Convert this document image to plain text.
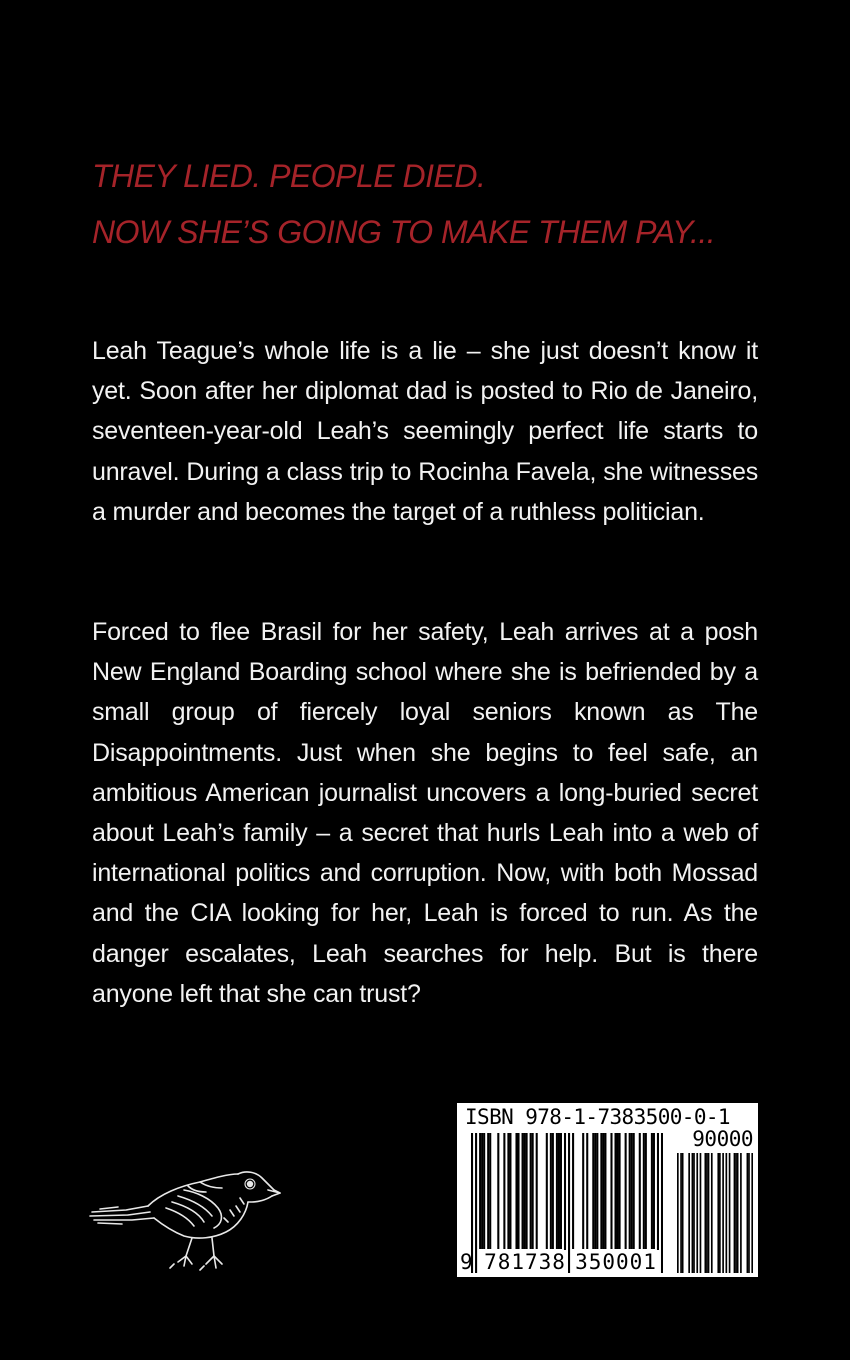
THEY LIED. PEOPLE DIED.
NOW SHE’S GOING TO MAKE THEM PAY...
Leah Teague’s whole life is a lie – she just doesn’t know it yet. Soon after her diplomat dad is posted to Rio de Janeiro, seventeen-year-old Leah’s seemingly perfect life starts to unravel. During a class trip to Rocinha Favela, she witnesses a murder and becomes the target of a ruthless politician.
Forced to flee Brasil for her safety, Leah arrives at a posh New England Boarding school where she is befriended by a small group of fiercely loyal seniors known as The Disappointments. Just when she begins to feel safe, an ambitious American journalist uncovers a long-buried secret about Leah’s family – a secret that hurls Leah into a web of international politics and corruption. Now, with both Mossad and the CIA looking for her, Leah is forced to run. As the danger escalates, Leah searches for help. But is there anyone left that she can trust?
ISBN 978-1-7383500-0-1
90000
9 781738 350001
